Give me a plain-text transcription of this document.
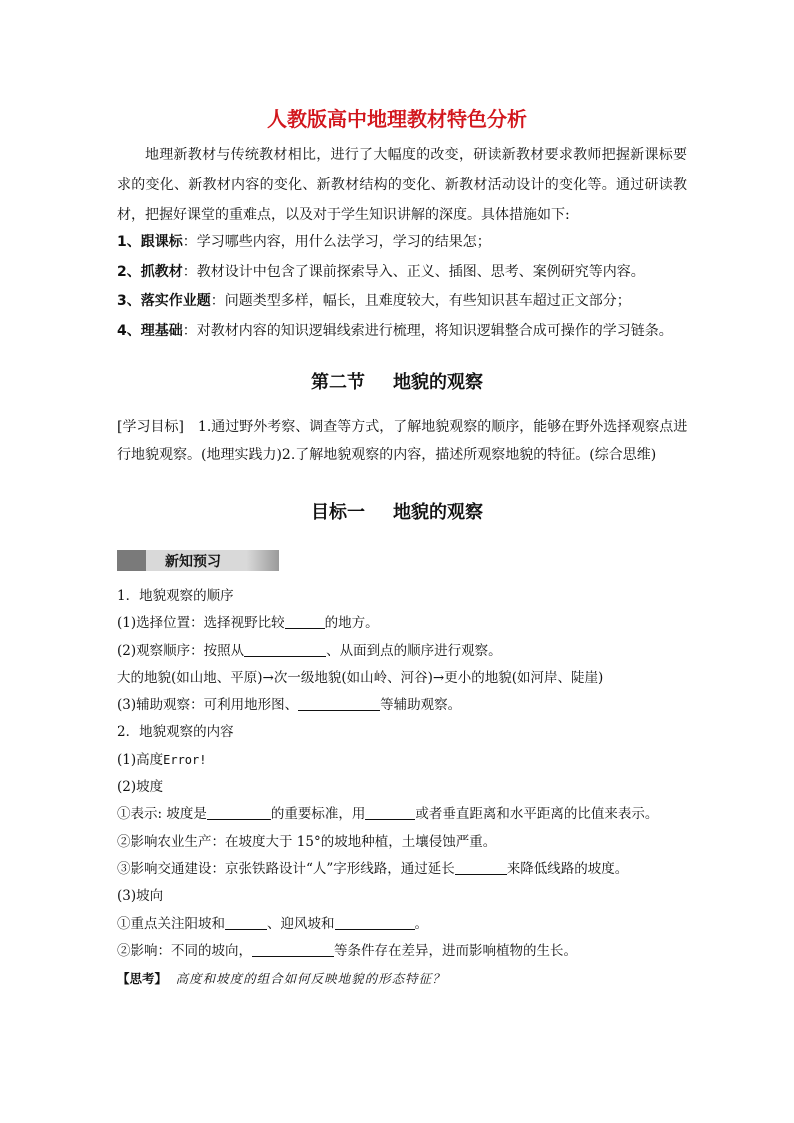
人教版高中地理教材特色分析
地理新教材与传统教材相比，进行了大幅度的改变，研读新教材要求教师把握新课标要求的变化、新教材内容的变化、新教材结构的变化、新教材活动设计的变化等。通过研读教材，把握好课堂的重难点，以及对于学生知识讲解的深度。具体措施如下:
1、跟课标：学习哪些内容，用什么法学习，学习的结果怎；
2、抓教材：教材设计中包含了课前探索导入、正义、插图、思考、案例研究等内容。
3、落实作业题：问题类型多样，幅长，且难度较大，有些知识甚车超过正文部分；
4、理基础：对教材内容的知识逻辑线索进行梳理，将知识逻辑整合成可操作的学习链条。
第二节 地貌的观察
[学习目标]　1.通过野外考察、调查等方式，了解地貌观察的顺序，能够在野外选择观察点进行地貌观察。(地理实践力)2.了解地貌观察的内容，描述所观察地貌的特征。(综合思维)
目标一 地貌的观察
新知预习
1．地貌观察的顺序
(1)选择位置：选择视野比较	的地方。
(2)观察顺序：按照从	、从面到点的顺序进行观察。
大的地貌(如山地、平原)→次一级地貌(如山岭、河谷)→更小的地貌(如河岸、陡崖)
(3)辅助观察：可利用地形图、	等辅助观察。
2．地貌观察的内容
(1)高度Error!
(2)坡度
①表示: 坡度是	的重要标准，用	或者垂直距离和水平距离的比值来表示。
②影响农业生产：在坡度大于 15°的坡地种植，土壤侵蚀严重。
③影响交通建设：京张铁路设计“人”字形线路，通过延长	来降低线路的坡度。
(3)坡向
①重点关注阳坡和	、迎风坡和	。
②影响：不同的坡向，	等条件存在差异，进而影响植物的生长。
【思考】 高度和坡度的组合如何反映地貌的形态特征？
